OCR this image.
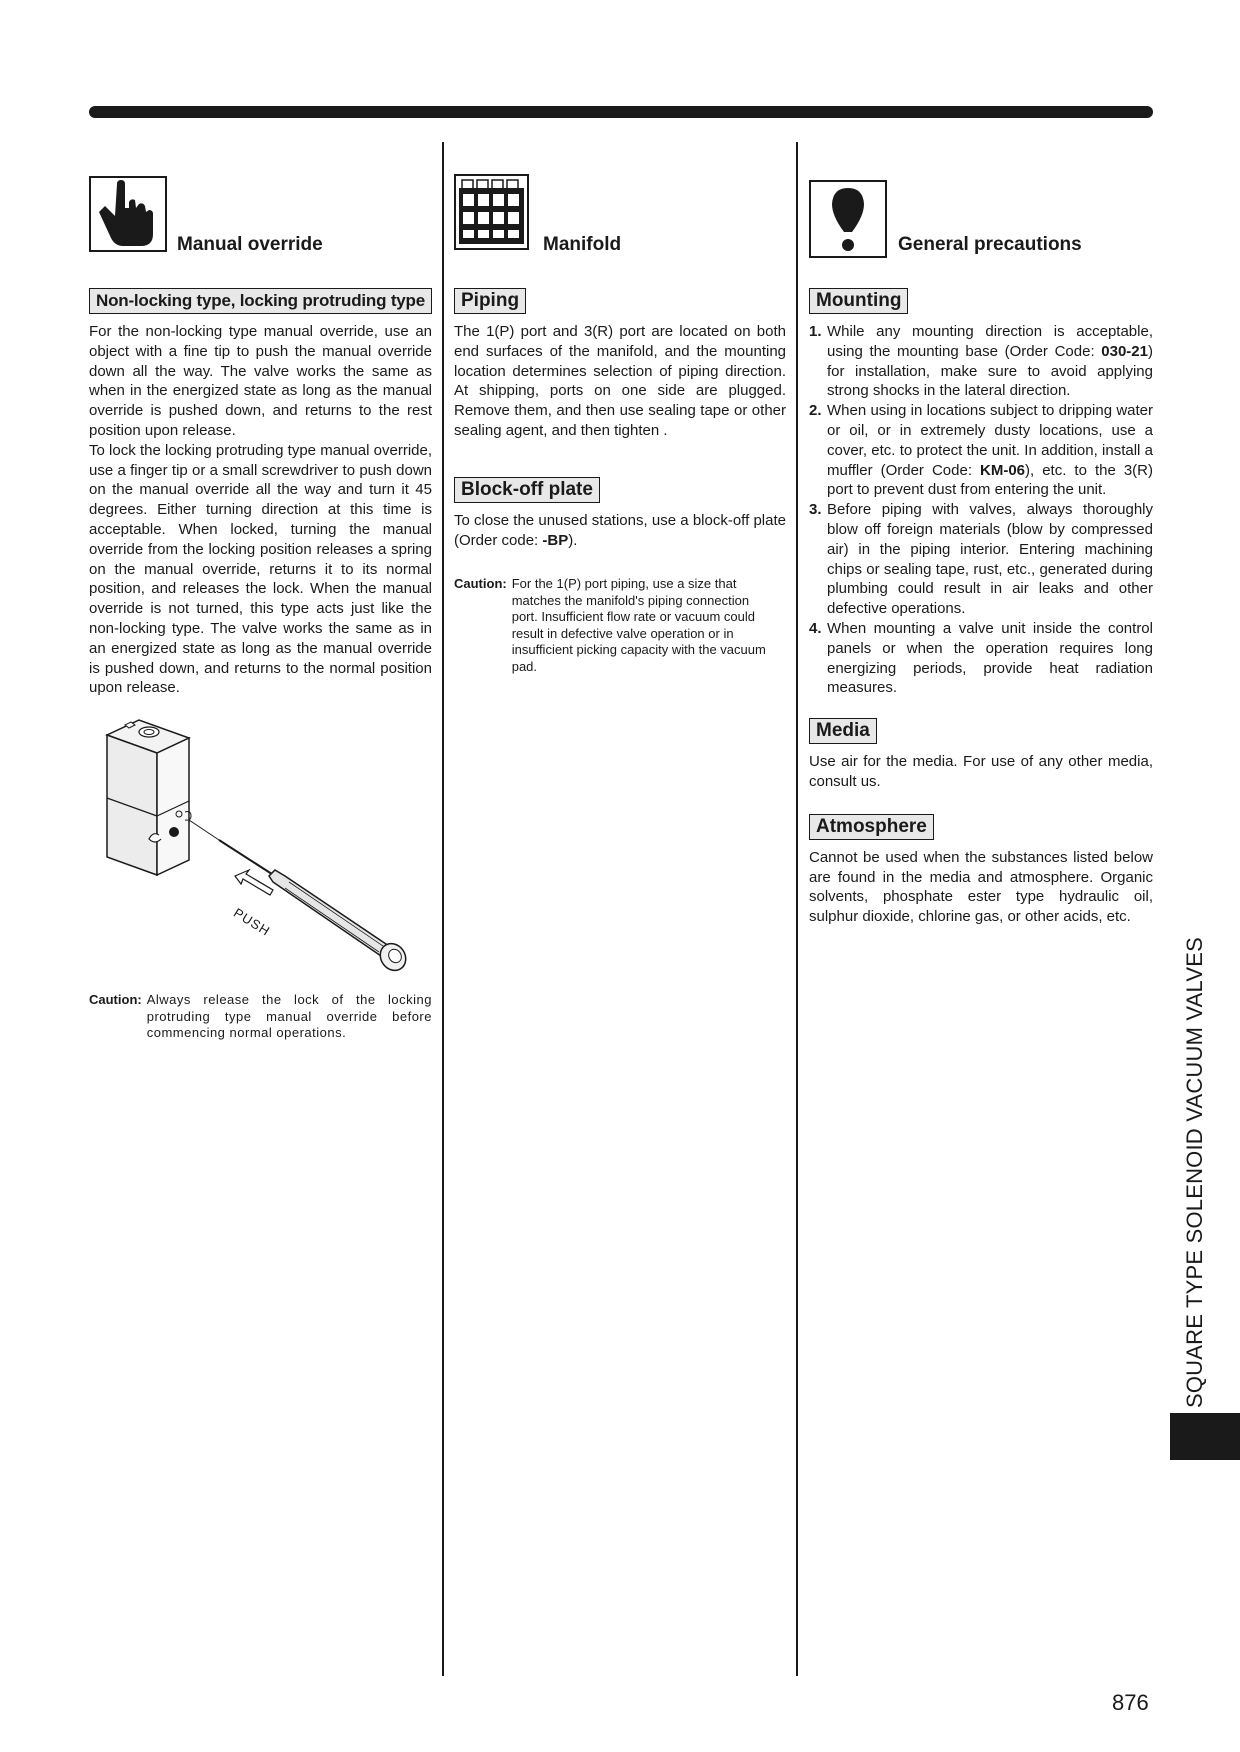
Manual override
Non-locking type, locking protruding type

For the non-locking type manual override, use an object with a fine tip to push the manual override down all the way. The valve works the same as when in the energized state as long as the manual override is pushed down, and returns to the rest position upon release.

To lock the locking protruding type manual override, use a finger tip or a small screwdriver to push down on the manual override all the way and turn it 45 degrees. Either turning direction at this time is acceptable. When locked, turning the manual override from the locking position releases a spring on the manual override, returns it to its normal position, and releases the lock. When the manual override is not turned, this type acts just like the non-locking type. The valve works the same as in an energized state as long as the manual override is pushed down, and returns to the normal position upon release.

PUSH
Caution: Always release the lock of the locking protruding type manual override before commencing normal operations.
Manifold
Piping
The 1(P) port and 3(R) port are located on both end surfaces of the manifold, and the mounting location determines selection of piping direction. At shipping, ports on one side are plugged. Remove them, and then use sealing tape or other sealing agent, and then tighten .
Block-off plate
To close the unused stations, use a block-off plate (Order code: -BP).
Caution: For the 1(P) port piping, use a size that matches the manifold's piping connection port. Insufficient flow rate or vacuum could result in defective valve operation or in insufficient picking capacity with the vacuum pad.
General precautions
Mounting
1. While any mounting direction is acceptable, using the mounting base (Order Code: 030-21) for installation, make sure to avoid applying strong shocks in the lateral direction.
2. When using in locations subject to dripping water or oil, or in extremely dusty locations, use a cover, etc. to protect the unit. In addition, install a muffler (Order Code: KM-06), etc. to the 3(R) port to prevent dust from entering the unit.
3. Before piping with valves, always thoroughly blow off foreign materials (blow by compressed air) in the piping interior. Entering machining chips or sealing tape, rust, etc., generated during plumbing could result in air leaks and other defective operations.
4. When mounting a valve unit inside the control panels or when the operation requires long energizing periods, provide heat radiation measures.
Media
Use air for the media. For use of any other media, consult us.
Atmosphere
Cannot be used when the substances listed below are found in the media and atmosphere. Organic solvents, phosphate ester type hydraulic oil, sulphur dioxide, chlorine gas, or other acids, etc.
SQUARE TYPE SOLENOID VACUUM VALVES
876
